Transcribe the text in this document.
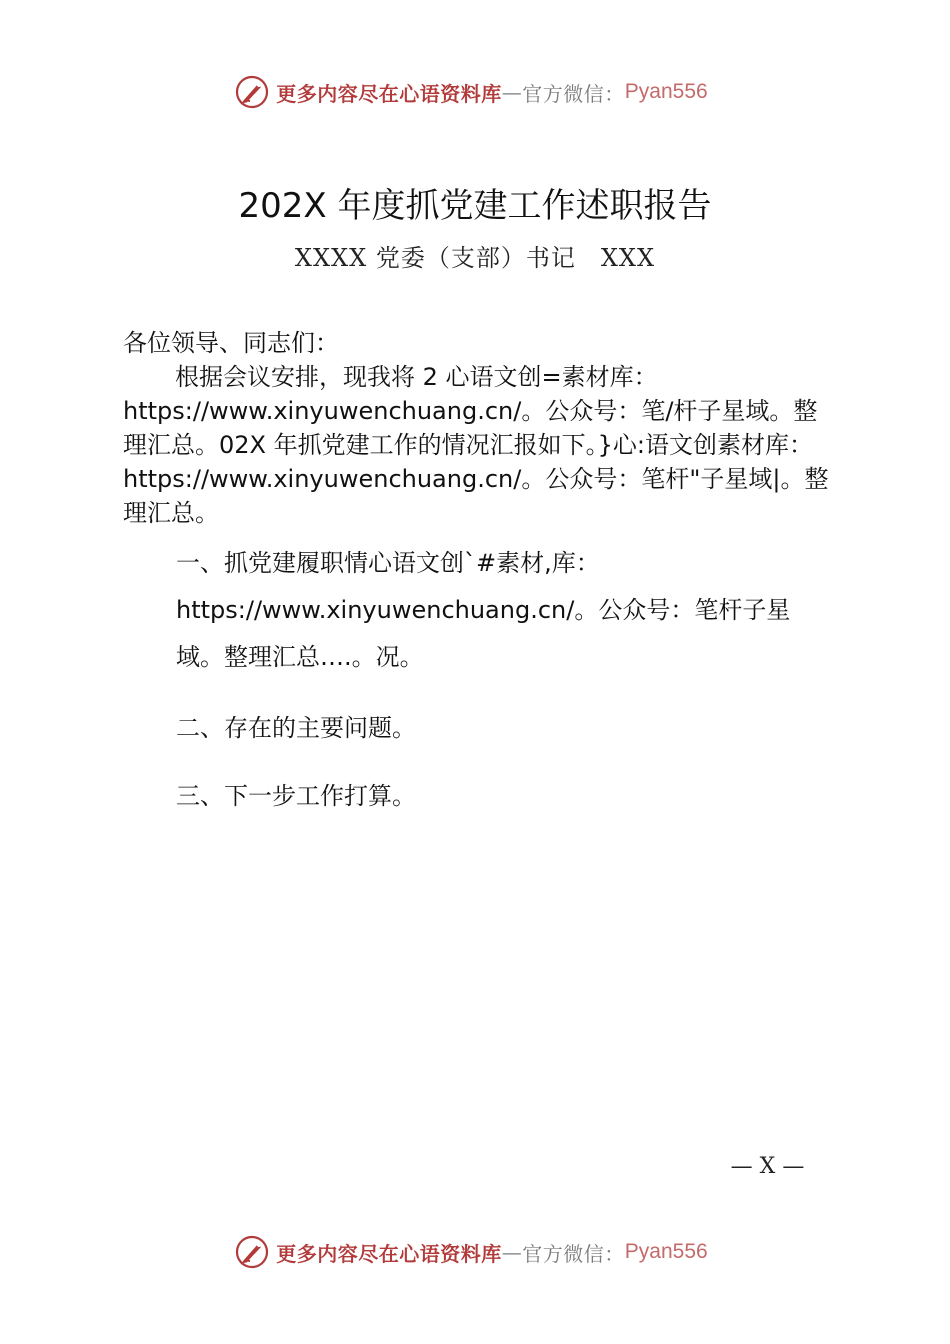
更多内容尽在心语资料库 — 官方微信： Pyan556
202X 年度抓党建工作述职报告
XXXX 党委（支部）书记　XXX

各位领导、同志们：

根据会议安排，现我将 2 心语文创=素材库：https://www.xinyuwenchuang.cn/。公众号：笔/杆子星域。整理汇总。02X 年抓党建工作的情况汇报如下。}心:语文创素材库：https://www.xinyuwenchuang.cn/。公众号：笔杆"子星域|。整理汇总。

一、抓党建履职情心语文创`#素材,库：https://www.xinyuwenchuang.cn/。公众号：笔杆子星域。整理汇总….。况。

二、存在的主要问题。

三、下一步工作打算。

— X —
更多内容尽在心语资料库 — 官方微信： Pyan556
